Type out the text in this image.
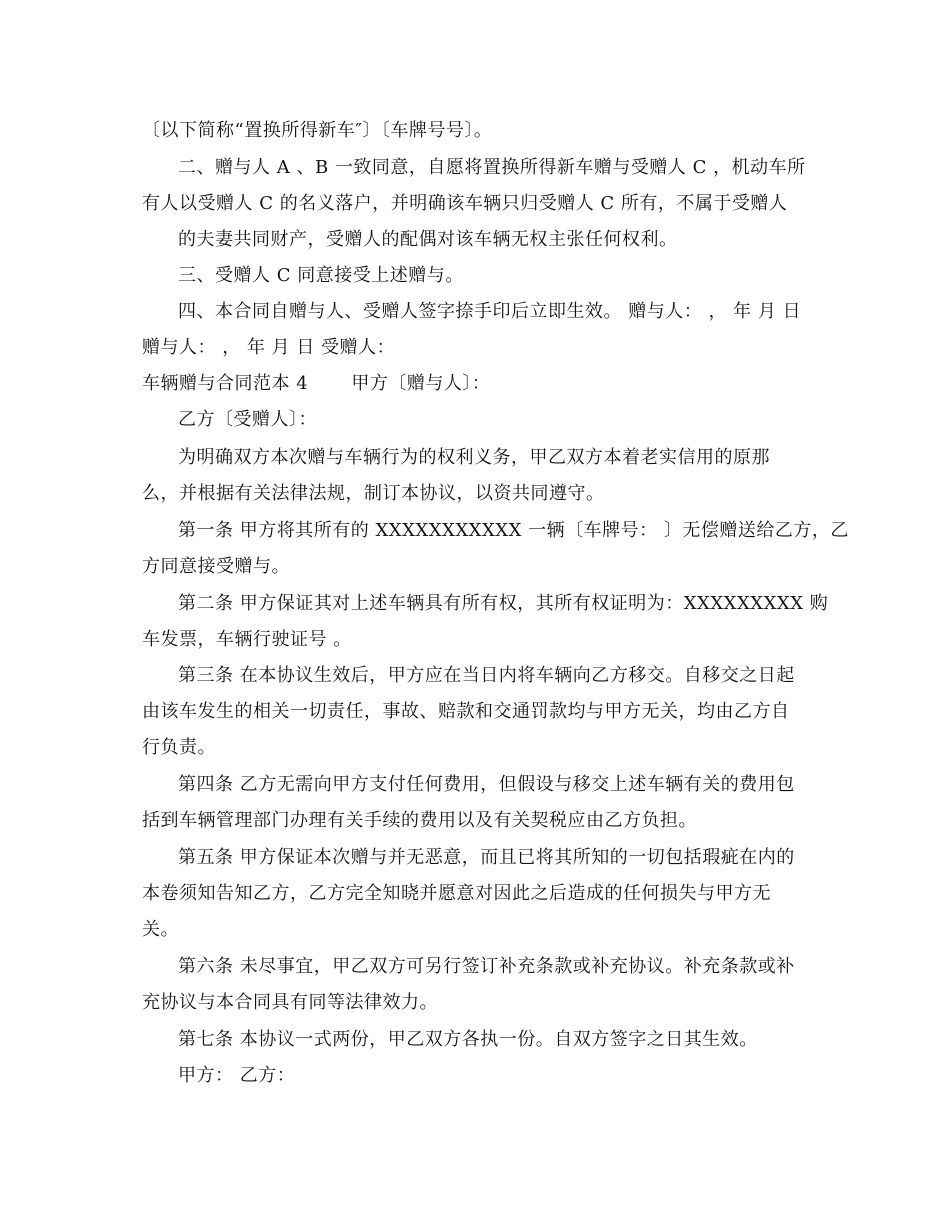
〔以下简称“置换所得新车″〕〔车牌号号〕。
二、赠与人 A 、B 一致同意，自愿将置换所得新车赠与受赠人 C ，机动车所
有人以受赠人 C 的名义落户，并明确该车辆只归受赠人 C 所有，不属于受赠人
的夫妻共同财产，受赠人的配偶对该车辆无权主张任何权利。
三、受赠人 C 同意接受上述赠与。
四、本合同自赠与人、受赠人签字捺手印后立即生效。 赠与人： ， 年 月 日
赠与人： ， 年 月 日 受赠人：
车辆赠与合同范本 4 　　甲方〔赠与人〕：
乙方〔受赠人〕：
为明确双方本次赠与车辆行为的权利义务，甲乙双方本着老实信用的原那
么，并根据有关法律法规，制订本协议，以资共同遵守。
第一条 甲方将其所有的 XXXXXXXXXXX 一辆〔车牌号： 〕无偿赠送给乙方，乙
方同意接受赠与。
第二条 甲方保证其对上述车辆具有所有权，其所有权证明为：XXXXXXXXX 购
车发票，车辆行驶证号 。
第三条 在本协议生效后，甲方应在当日内将车辆向乙方移交。自移交之日起
由该车发生的相关一切责任，事故、赔款和交通罚款均与甲方无关，均由乙方自
行负责。
第四条 乙方无需向甲方支付任何费用，但假设与移交上述车辆有关的费用包
括到车辆管理部门办理有关手续的费用以及有关契税应由乙方负担。
第五条 甲方保证本次赠与并无恶意，而且已将其所知的一切包括瑕疵在内的
本卷须知告知乙方，乙方完全知晓并愿意对因此之后造成的任何损失与甲方无
关。
第六条 未尽事宜，甲乙双方可另行签订补充条款或补充协议。补充条款或补
充协议与本合同具有同等法律效力。
第七条 本协议一式两份，甲乙双方各执一份。自双方签字之日其生效。
甲方： 乙方：
